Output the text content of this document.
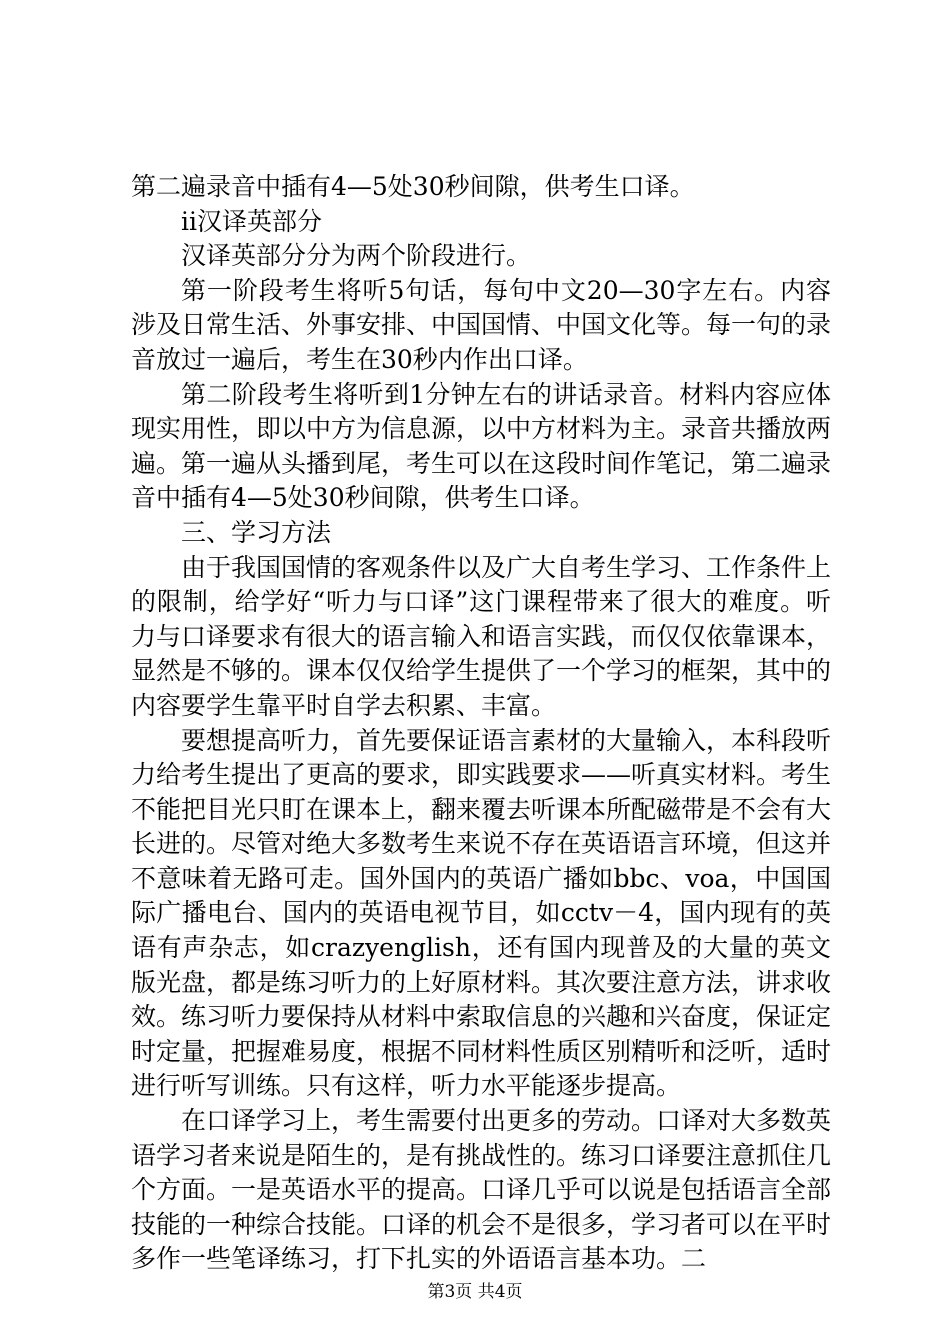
第二遍录音中插有4—5处30秒间隙，供考生口译。

ii汉译英部分

汉译英部分分为两个阶段进行。

第一阶段考生将听5句话，每句中文20—30字左右。内容涉及日常生活、外事安排、中国国情、中国文化等。每一句的录音放过一遍后，考生在30秒内作出口译。

第二阶段考生将听到1分钟左右的讲话录音。材料内容应体现实用性，即以中方为信息源，以中方材料为主。录音共播放两遍。第一遍从头播到尾，考生可以在这段时间作笔记，第二遍录音中插有4—5处30秒间隙，供考生口译。

三、学习方法

由于我国国情的客观条件以及广大自考生学习、工作条件上的限制，给学好“听力与口译”这门课程带来了很大的难度。听力与口译要求有很大的语言输入和语言实践，而仅仅依靠课本，显然是不够的。课本仅仅给学生提供了一个学习的框架，其中的内容要学生靠平时自学去积累、丰富。

要想提高听力，首先要保证语言素材的大量输入，本科段听力给考生提出了更高的要求，即实践要求——听真实材料。考生不能把目光只盯在课本上，翻来覆去听课本所配磁带是不会有大长进的。尽管对绝大多数考生来说不存在英语语言环境，但这并不意味着无路可走。国外国内的英语广播如bbc、voa，中国国际广播电台、国内的英语电视节目，如cctv－4，国内现有的英语有声杂志，如crazyenglish，还有国内现普及的大量的英文版光盘，都是练习听力的上好原材料。其次要注意方法，讲求收效。练习听力要保持从材料中索取信息的兴趣和兴奋度，保证定时定量，把握难易度，根据不同材料性质区别精听和泛听，适时进行听写训练。只有这样，听力水平能逐步提高。

在口译学习上，考生需要付出更多的劳动。口译对大多数英语学习者来说是陌生的，是有挑战性的。练习口译要注意抓住几个方面。一是英语水平的提高。口译几乎可以说是包括语言全部技能的一种综合技能。口译的机会不是很多，学习者可以在平时多作一些笔译练习，打下扎实的外语语言基本功。二

第3页 共4页
